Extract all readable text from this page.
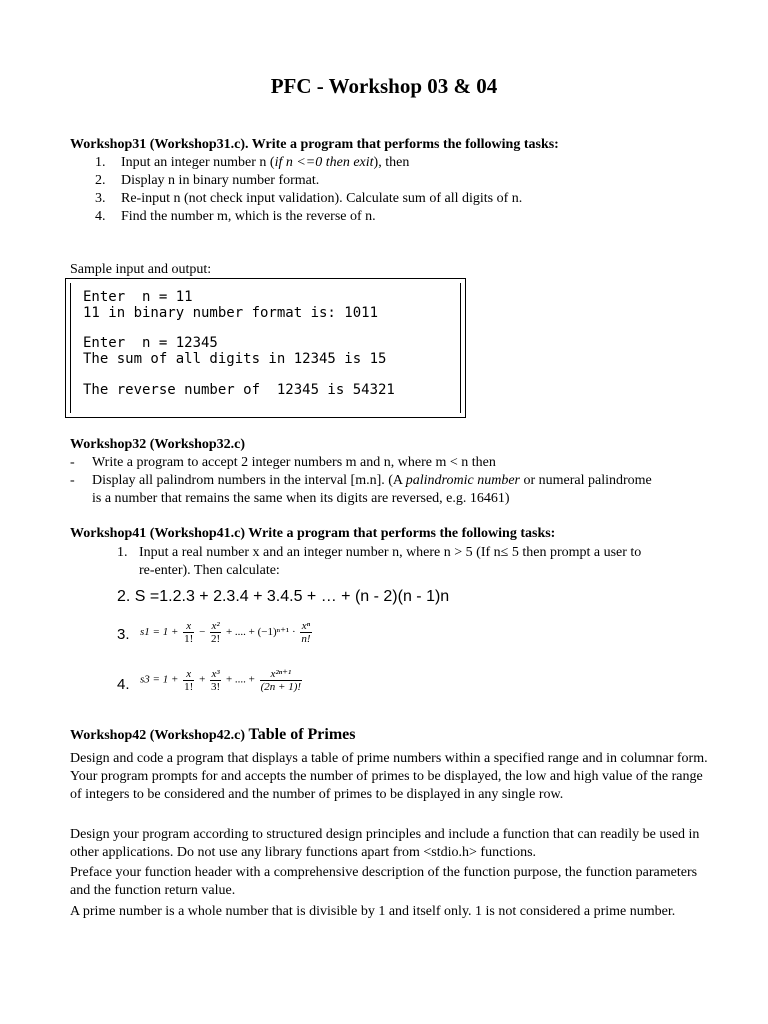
PFC - Workshop 03 & 04
Workshop31 (Workshop31.c). Write a program that performs the following tasks:
1. Input an integer number n (if n <=0 then exit), then
2. Display n in binary number format.
3. Re-input n (not check input validation). Calculate sum of all digits of n.
4. Find the number m, which is the reverse of n.
Sample input and output:
Enter  n = 11
11 in binary number format is: 1011
Enter  n = 12345
The sum of all digits in 12345 is 15
The reverse number of  12345 is 54321
Workshop32 (Workshop32.c)
- Write a program to accept 2 integer numbers m and n, where m < n then
- Display all palindrom numbers in the interval [m.n]. (A palindromic number or numeral palindrome
is a number that remains the same when its digits are reversed, e.g. 16461)
Workshop41 (Workshop41.c) Write a program that performs the following tasks:
1. Input a real number x and an integer number n, where n > 5 (If n≤ 5 then prompt a user to
re-enter). Then calculate:
2. S =1.2.3 + 2.3.4 + 3.4.5 + … + (n - 2)(n - 1)n
3. $s1 = 1 + \frac{x}{1!} - \frac{\text{x²}}{2!}$ + .... + $(-1)^{n+1} \cdot \frac{\text{xⁿ}}{n!}$
4. $s3 = 1 + \frac{x}{1!} + \frac{\text{x³}}{3!}$ + .... + $\frac{\text{x²ⁿ⁺¹}}{(2n + 1)!}$
Workshop42 (Workshop42.c) Table of Primes
Design and code a program that displays a table of prime numbers within a specified range and in columnar form. Your program prompts for and accepts the number of primes to be displayed, the low and high value of the range of integers to be considered and the number of primes to be displayed in any single row.
Design your program according to structured design principles and include a function that can readily be used in other applications. Do not use any library functions apart from <stdio.h> functions.
Preface your function header with a comprehensive description of the function purpose, the function parameters and the function return value.
A prime number is a whole number that is divisible by 1 and itself only. 1 is not considered a prime number.
